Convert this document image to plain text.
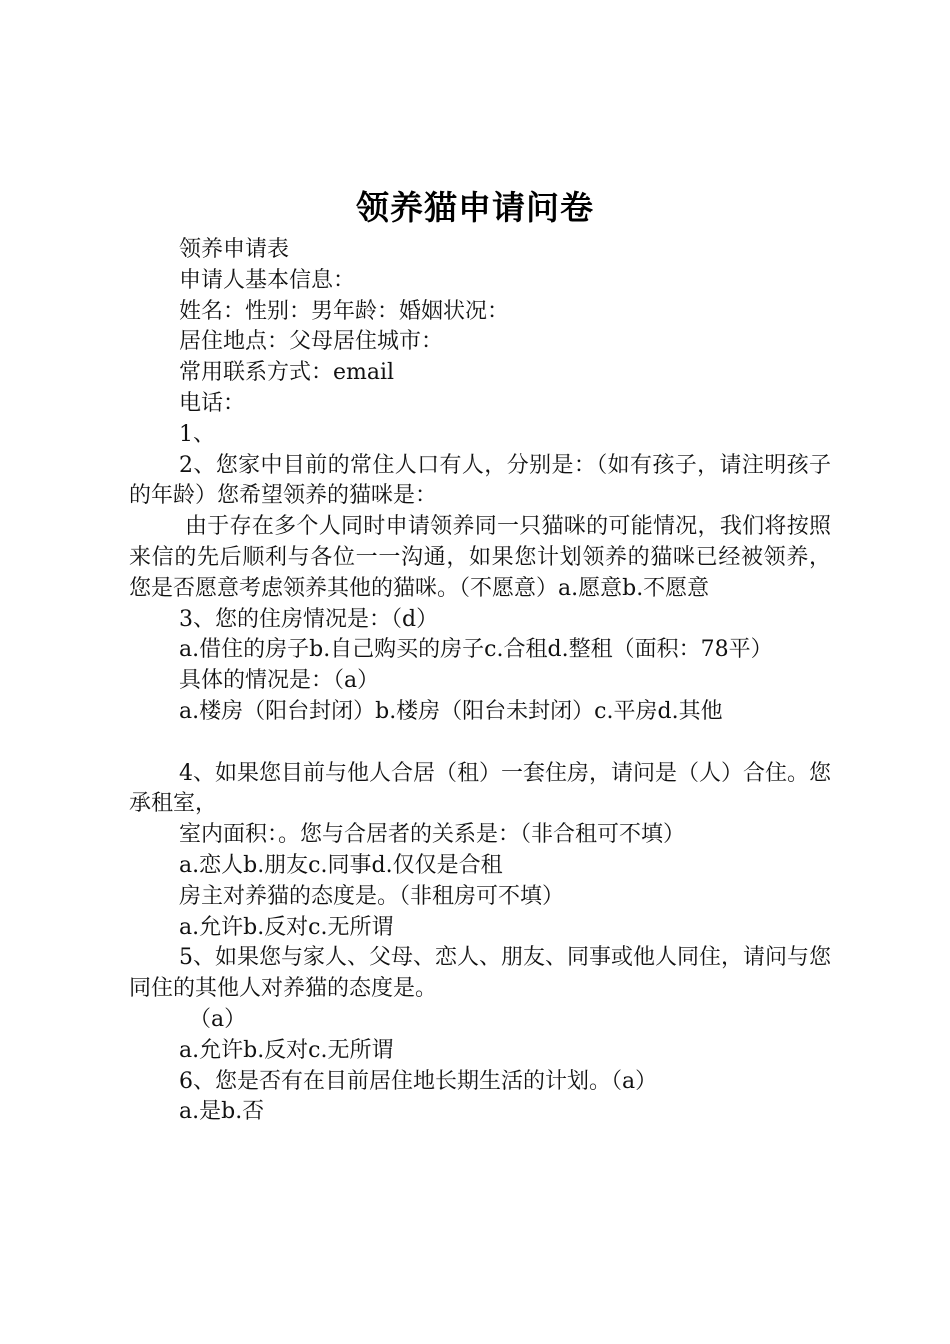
领养猫申请问卷

领养申请表

申请人基本信息：

姓名：性别：男年龄：婚姻状况：

居住地点：父母居住城市：

常用联系方式：email

电话：

1、

2、您家中目前的常住人口有人，分别是：（如有孩子，请注明孩子的年龄）您希望领养的猫咪是：

由于存在多个人同时申请领养同一只猫咪的可能情况，我们将按照来信的先后顺利与各位一一沟通，如果您计划领养的猫咪已经被领养，您是否愿意考虑领养其他的猫咪。（不愿意）a.愿意b.不愿意

3、您的住房情况是：（d）

a.借住的房子b.自己购买的房子c.合租d.整租（面积：78平）

具体的情况是：（a）

a.楼房（阳台封闭）b.楼房（阳台未封闭）c.平房d.其他

4、如果您目前与他人合居（租）一套住房，请问是（人）合住。您承租室，

室内面积：。您与合居者的关系是：（非合租可不填）

a.恋人b.朋友c.同事d.仅仅是合租

房主对养猫的态度是。（非租房可不填）

a.允许b.反对c.无所谓

5、如果您与家人、父母、恋人、朋友、同事或他人同住，请问与您同住的其他人对养猫的态度是。

（a）

a.允许b.反对c.无所谓

6、您是否有在目前居住地长期生活的计划。（a）

a.是b.否
